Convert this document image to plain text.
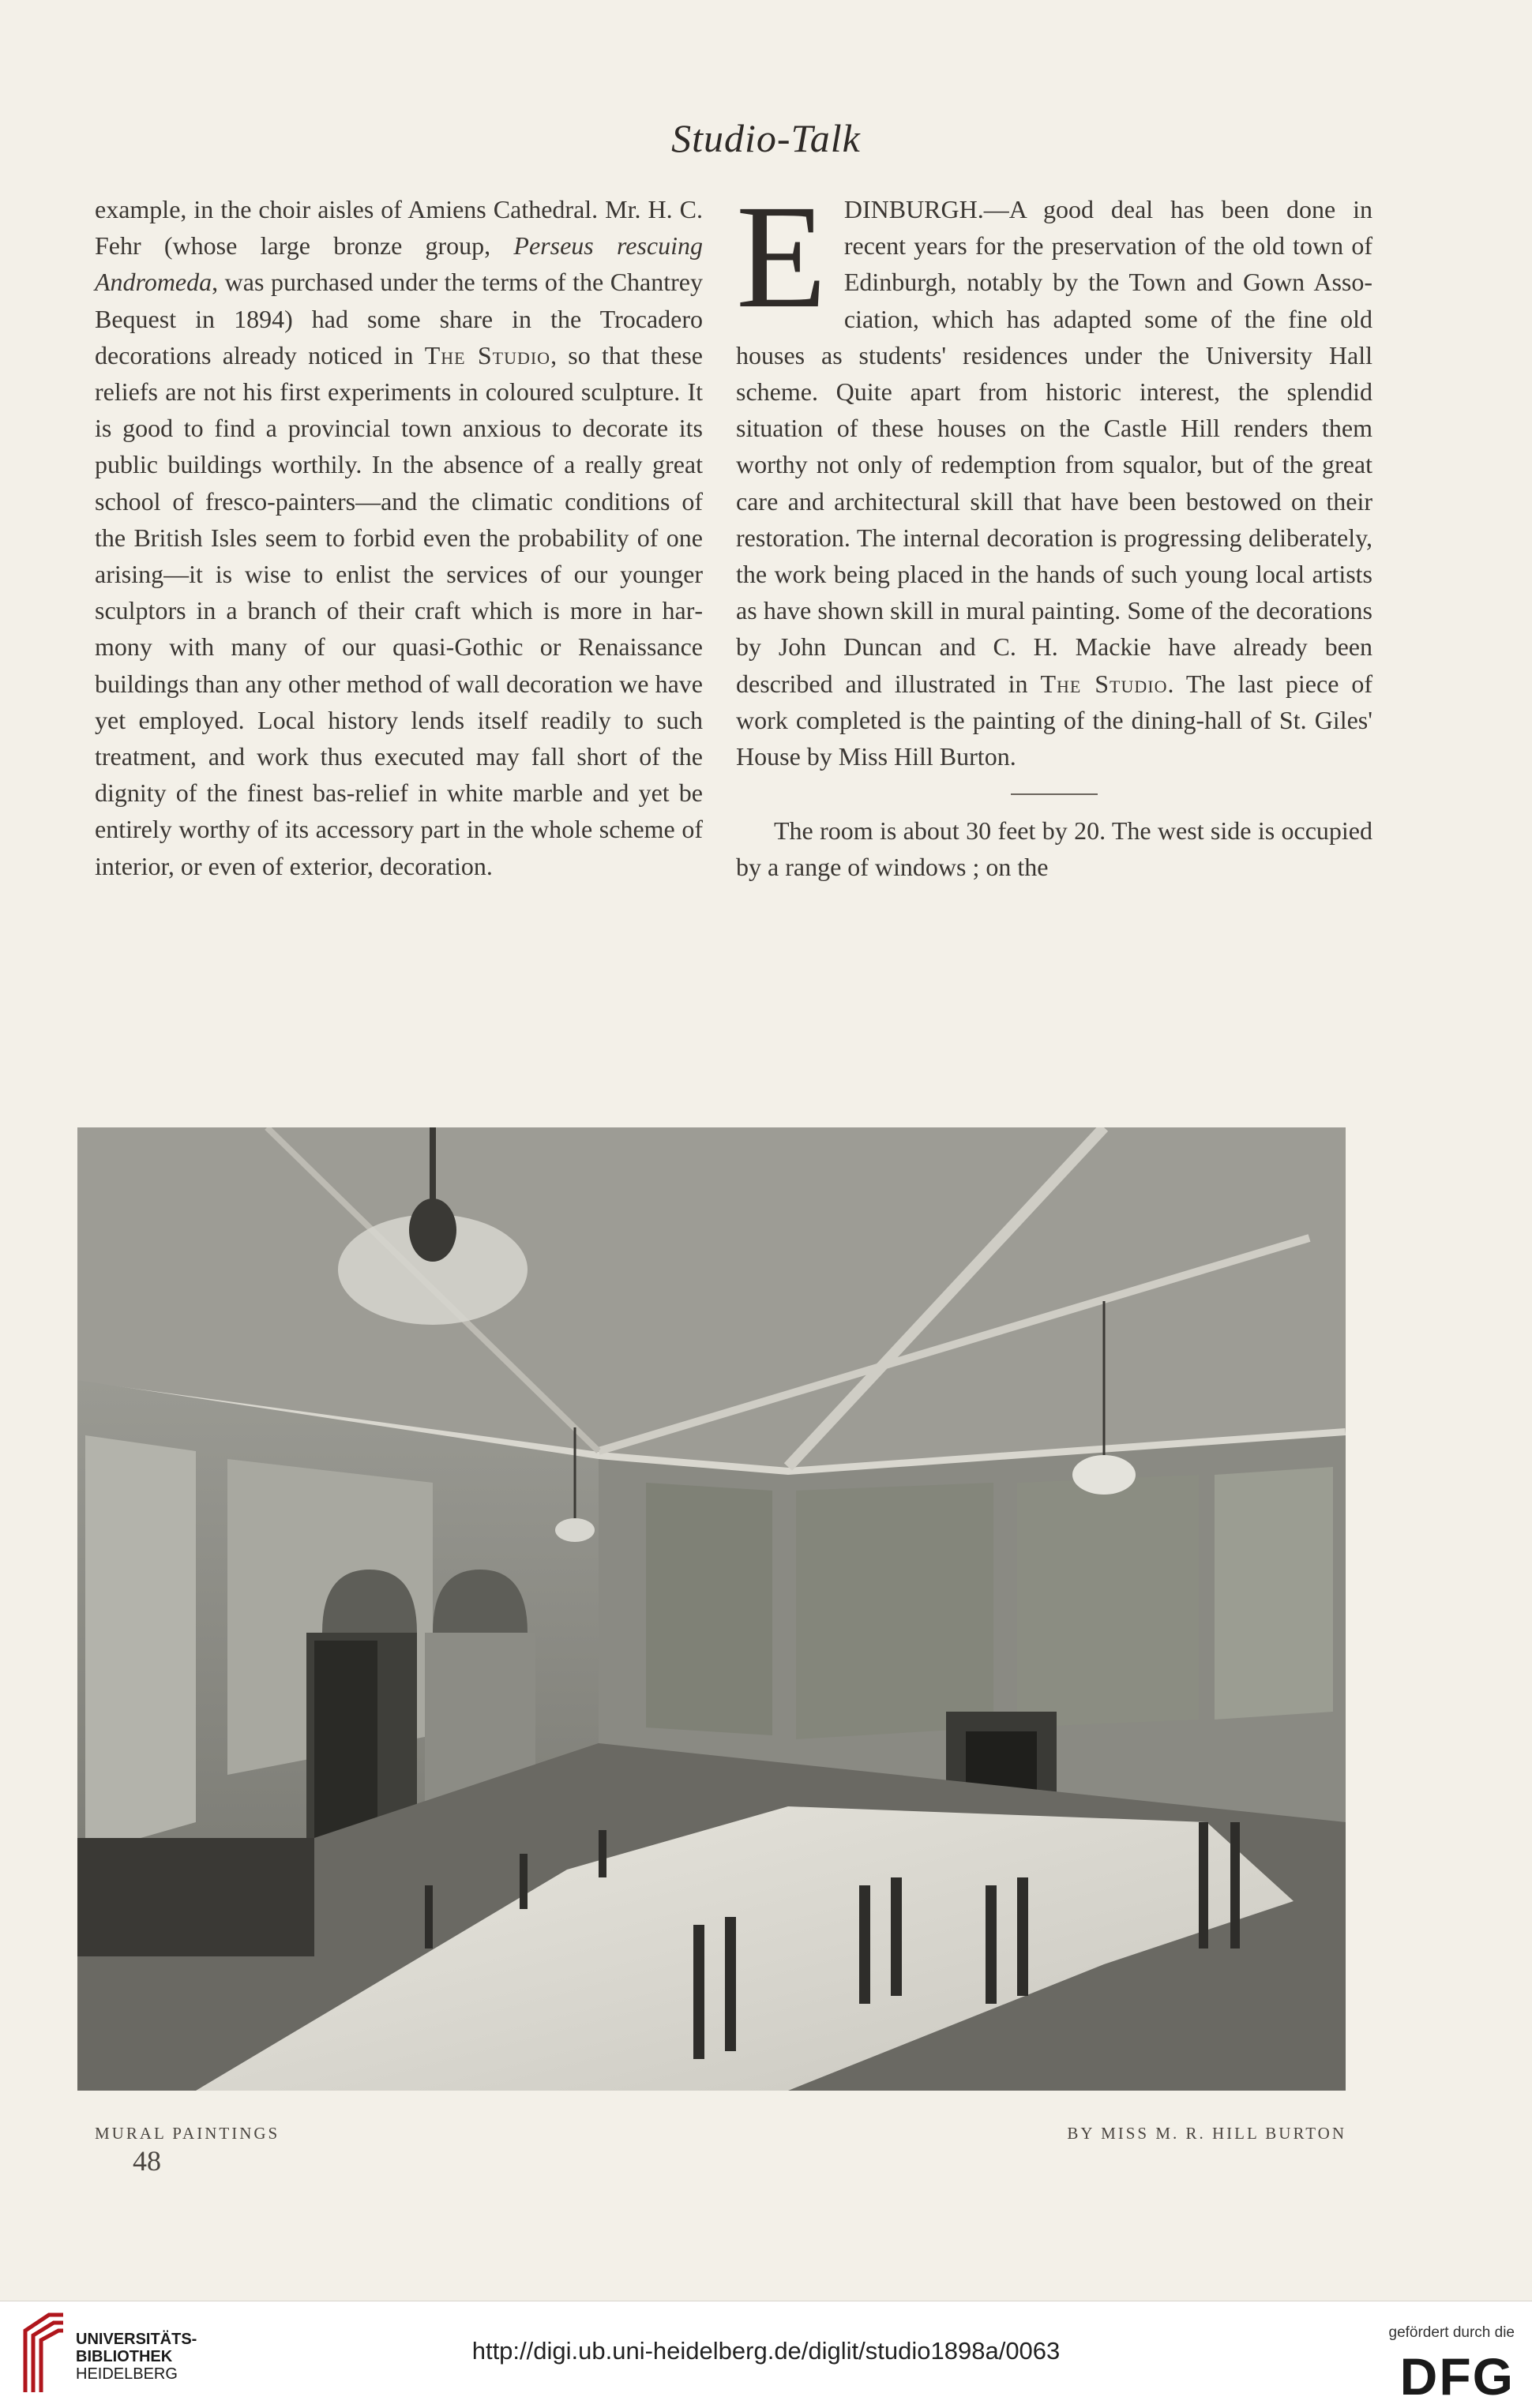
Studio-Talk

example, in the choir aisles of Amiens Cathedral. Mr. H. C. Fehr (whose large bronze group, Perseus rescuing Andromeda, was purchased under the terms of the Chantrey Bequest in 1894) had some share in the Trocadero decorations already noticed in The Studio, so that these reliefs are not his first experiments in coloured sculpture. It is good to find a provincial town anxious to decorate its public buildings worthily. In the absence of a really great school of fresco-painters—and the climatic conditions of the British Isles seem to forbid even the probability of one arising—it is wise to enlist the services of our younger sculptors in a branch of their craft which is more in harmony with many of our quasi-Gothic or Renaissance buildings than any other method of wall decoration we have yet employed. Local history lends itself readily to such treatment, and work thus executed may fall short of the dignity of the finest bas-relief in white marble and yet be entirely worthy of its accessory part in the whole scheme of interior, or even of exterior, decoration.

EDINBURGH.—A good deal has been done in recent years for the preservation of the old town of Edinburgh, notably by the Town and Gown Association, which has adapted some of the fine old houses as students' residences under the University Hall scheme. Quite apart from historic interest, the splendid situation of these houses on the Castle Hill renders them worthy not only of redemption from squalor, but of the great care and architectural skill that have been bestowed on their restoration. The internal decoration is progressing deliberately, the work being placed in the hands of such young local artists as have shown skill in mural painting. Some of the decorations by John Duncan and C. H. Mackie have already been described and illustrated in The Studio. The last piece of work completed is the painting of the dining-hall of St. Giles' House by Miss Hill Burton.

The room is about 30 feet by 20. The west side is occupied by a range of windows ; on the

MURAL PAINTINGS	BY MISS M. R. HILL BURTON
48
UNIVERSITÄTS-
BIBLIOTHEK
HEIDELBERG
http://digi.ub.uni-heidelberg.de/diglit/studio1898a/0063
gefördert durch die
DFG
